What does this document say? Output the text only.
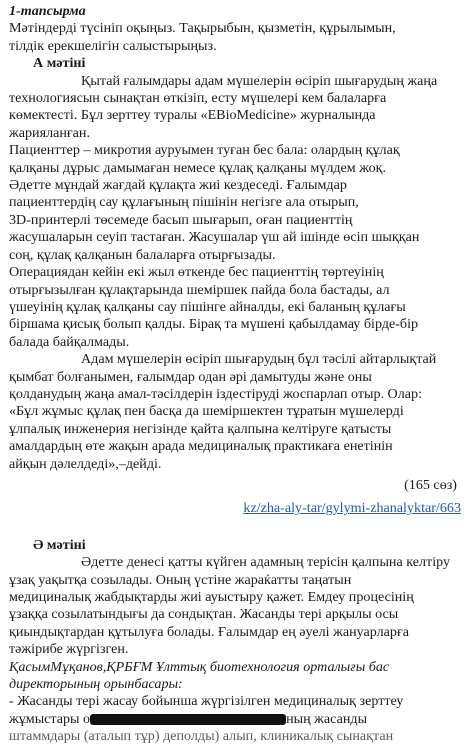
1-тапсырма
Мәтіндерді түсініп оқыңыз. Тақырыбын, қызметін, құрылымын,
тілдік ерекшелігін салыстырыңыз.
А мәтіні
Қытай ғалымдары адам мүшелерін өсіріп шығарудың жаңа
технологиясын сынақтан өткізіп, есту мүшелері кем балаларға
көмектесті. Бұл зерттеу туралы «EBioMedicine» журналында
жарияланған.
Пациенттер – микротия ауруымен туған бес бала: олардың құлақ
қалқаны дұрыс дамымаған немесе құлақ қалқаны мүлдем жоқ.
Әдетте мұндай жағдай құлақта жиі кездеседі. Ғалымдар
пациенттердің сау құлағының пішінін негізге ала отырып,
3D-принтерлі төсемеде басып шығарып, оған пациенттің
жасушаларын сеуіп тастаған. Жасушалар үш ай ішінде өсіп шыққан
соң, құлақ қалқанын балаларға отырғызады.
Операциядан кейін екі жыл өткенде бес пациенттің төртеуінің
отырғызылған құлақтарында шеміршек пайда бола бастады, ал
үшеуінің құлақ қалқаны сау пішінге айналды, екі баланың құлағы
біршама қисық болып қалды. Бірақ та мүшені қабылдамау бірде-бір
балада байқалмады.
Адам мүшелерін өсіріп шығарудың бұл тәсілі айтарлықтай
қымбат болғанымен, ғалымдар одан әрі дамытуды және оны
қолданудың жаңа амал-тәсілдерін іздестіруді жоспарлап отыр. Олар:
«Бұл жұмыс құлақ пен басқа да шеміршектен тұратын мүшелерді
ұлпалық инженерия негізінде қайта қалпына келтіруге қатысты
амалдардың өте жақын арада медициналық практикаға енетінін
айқын дәлелдеді»,–дейді.
(165 сөз)
kz/zha-aly-tar/gylymi-zhanalyktar/663
Ә мәтіні
Әдетте денесі қатты күйген адамның терісін қалпына келтіру
ұзақ уақытқа созылады. Оның үстіне жараќатты таңатын
медициналық жабдықтарды жиі ауыстыру қажет. Емдеу процесінің
ұзаққа созылатындығы да сондықтан. Жасанды тері арқылы осы
қиындықтардан құтылуға болады. Ғалымдар ең әуелі жануарларға
тәжірибе жүргізген.
ҚасымМұқанов,ҚРБҒМ Ұлттық биотехнология орталығы бас
директорының орынбасары:
- Жасанды тері жасау бойынша жүргізілген медициналық зерттеу
жұмыстары о	ның жасанды
штаммдары (аталып тұр) деполды) алып, клиникалық сынақтан
